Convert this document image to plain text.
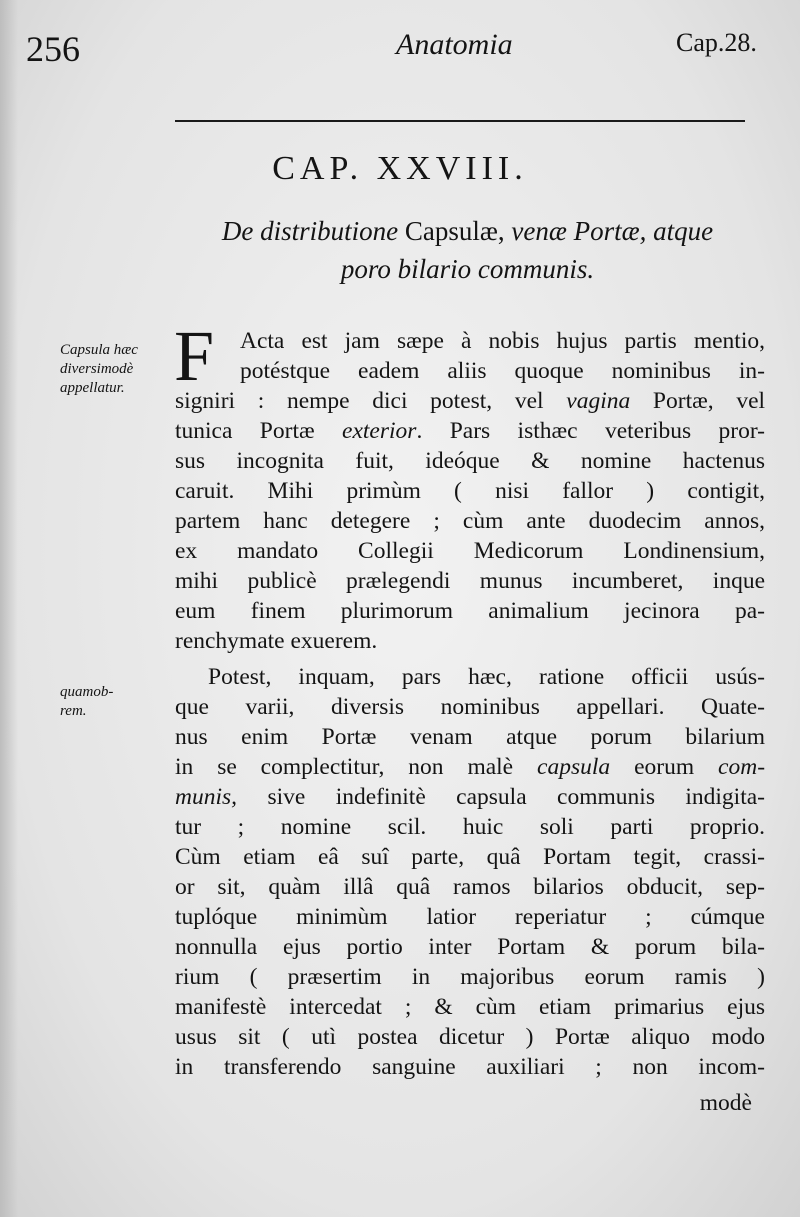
256	Anatomia	Cap.28.
CAP. XXVIII.
De distributione Capsulæ, venæ Portæ, atque
poro bilario communis.
Capsula hæc
diversimodè
appellatur.
quamob-
rem.
F Acta est jam sæpe à nobis hujus partis mentio,
potéstque eadem aliis quoque nominibus in-
signiri : nempe dici potest, vel vagina Portæ, vel
tunica Portæ exterior. Pars isthæc veteribus pror-
sus incognita fuit, ideóque & nomine hactenus
caruit. Mihi primùm ( nisi fallor ) contigit,
partem hanc detegere ; cùm ante duodecim annos,
ex mandato Collegii Medicorum Londinensium,
mihi publicè prælegendi munus incumberet, inque
eum finem plurimorum animalium jecinora pa-
renchymate exuerem.
Potest, inquam, pars hæc, ratione officii usús-
que varii, diversis nominibus appellari. Quate-
nus enim Portæ venam atque porum bilarium
in se complectitur, non malè capsula eorum com-
munis, sive indefinitè capsula communis indigita-
tur ; nomine scil. huic soli parti proprio.
Cùm etiam eâ suî parte, quâ Portam tegit, crassi-
or sit, quàm illâ quâ ramos bilarios obducit, sep-
tuplóque minimùm latior reperiatur ; cúmque
nonnulla ejus portio inter Portam & porum bila-
rium ( præsertim in majoribus eorum ramis )
manifestè intercedat ; & cùm etiam primarius ejus
usus sit ( utì postea dicetur ) Portæ aliquo modo
in transferendo sanguine auxiliari ; non incom-
modè
